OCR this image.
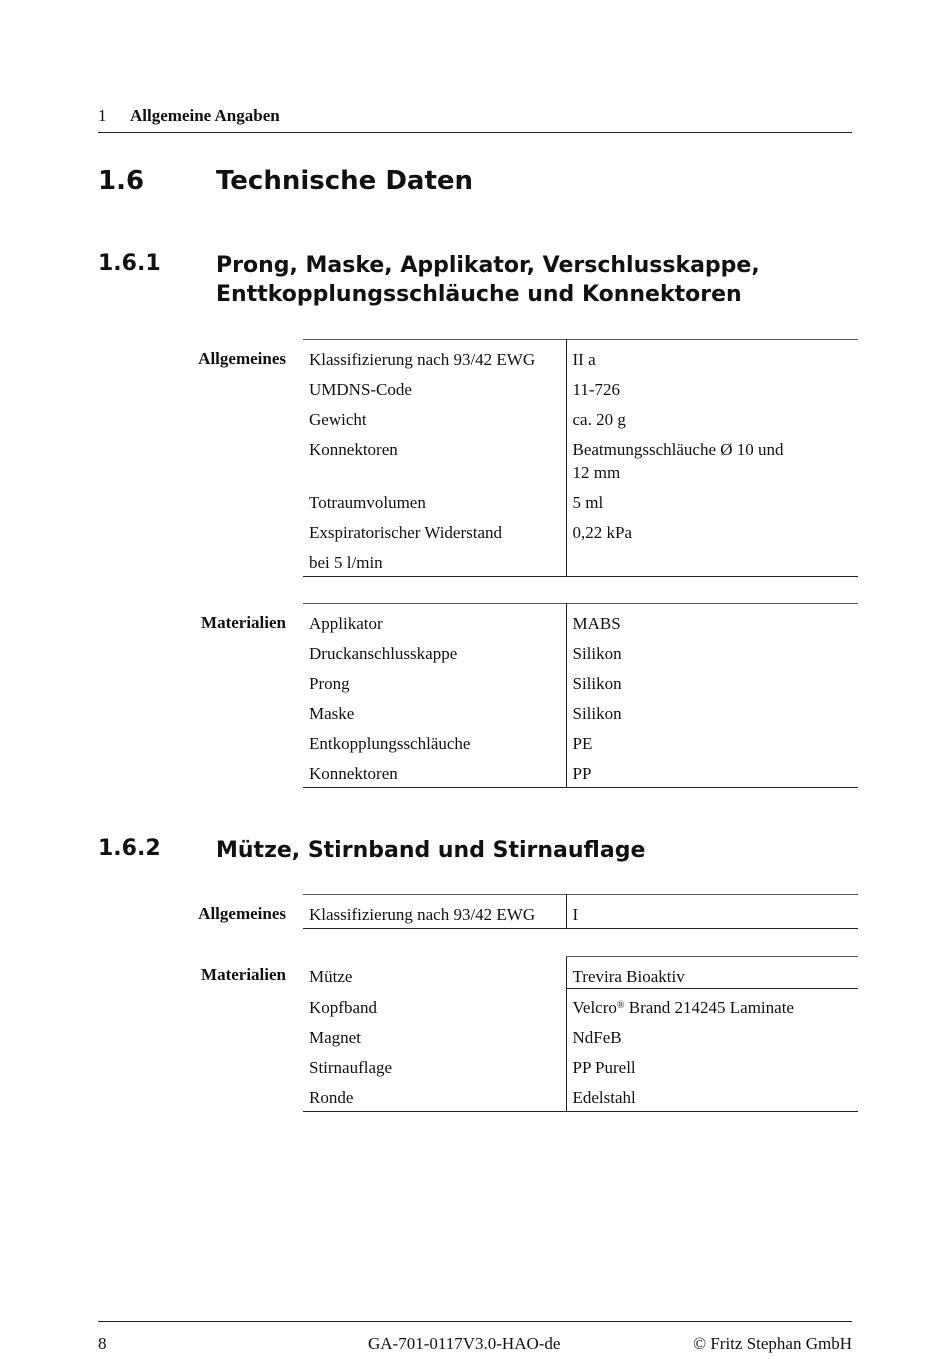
1 Allgemeine Angaben
1.6	Technische Daten
1.6.1	Prong, Maske, Applikator, Verschlusskappe,
Enttkopplungsschläuche und Konnektoren
Allgemeines Klassifizierung nach 93/42 EWG	II a
UMDNS-Code	11-726
Gewicht	ca. 20 g
Konnektoren	Beatmungsschläuche Ø 10 und
12 mm
Totraumvolumen	5 ml
Exspiratorischer Widerstand	0,22 kPa
bei 5 l/min	
Materialien Applikator	MABS
Druckanschlusskappe	Silikon
Prong	Silikon
Maske	Silikon
Entkopplungsschläuche	PE
Konnektoren	PP
1.6.2	Mütze, Stirnband und Stirnauflage
Allgemeines Klassifizierung nach 93/42 EWG	I
Materialien Mütze	Trevira Bioaktiv
Kopfband	Velcro® Brand 214245 Laminate
Magnet	NdFeB
Stirnauflage	PP Purell
Ronde	Edelstahl
8	GA-701-0117V3.0-HAO-de	© Fritz Stephan GmbH
